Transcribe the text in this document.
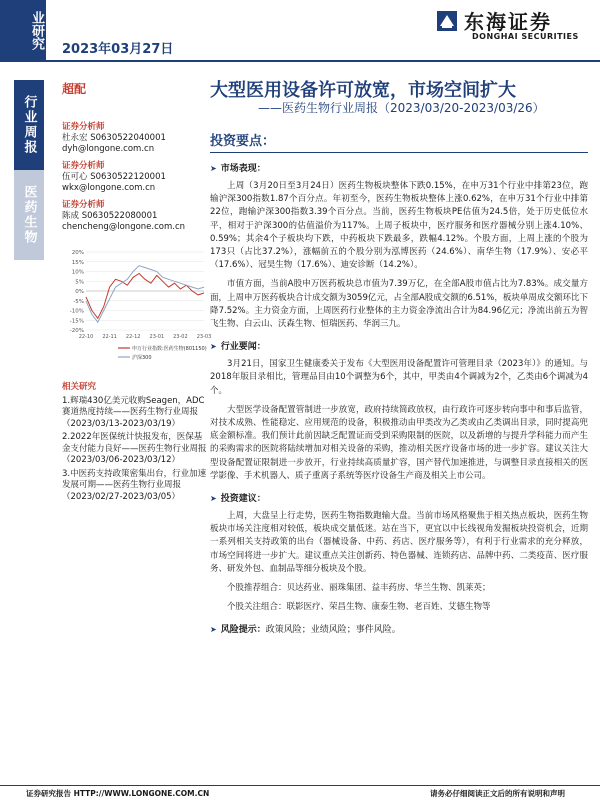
业研究 2023年03月27日
东海证券
DONGHAI SECURITIES
行业周报
医药生物
超配	大型医用设备许可放宽，市场空间扩大
——医药生物行业周报（2023/03/20-2023/03/26）
证券分析师
杜永宏 S0630522040001
dyh@longone.com.cn
证券分析师
伍可心 S0630522120001
wkx@longone.com.cn
证券分析师
陈成 S0630522080001
chencheng@longone.com.cn
20%
15%
10%
5%
0%
-5%
-10%
-15%
-20%
22-10 22-11 22-12 23-01 23-02 23-03
申万行业指数:医药生物(801150)
沪深300
相关研究
1.辉瑞430亿美元收购Seagen，ADC赛道热度持续——医药生物行业周报（2023/03/13-2023/03/19）
2.2022年医保统计快报发布，医保基金支付能力良好——医药生物行业周报（2023/03/06-2023/03/12）
3.中医药支持政策密集出台，行业加速发展可期——医药生物行业周报（2023/02/27-2023/03/05）
投资要点：
➤ 市场表现：
上周（3月20日至3月24日）医药生物板块整体下跌0.15%，在申万31个行业中排第23位，跑输沪深300指数1.87个百分点。年初至今，医药生物板块整体上涨0.62%，在申万31个行业中排第22位，跑输沪深300指数3.39个百分点。当前，医药生物板块PE估值为24.5倍，处于历史低位水平，相对于沪深300的估值溢价为117%。上周子板块中，医疗服务和医疗器械分别上涨4.10%、0.59%；其余4个子板块均下跌，中药板块下跌最多，跌幅4.12%。个股方面，上周上涨的个股为173只（占比37.2%），涨幅前五的个股分别为泓博医药（24.6%）、南华生物（17.9%）、安必平（17.6%）、冠昊生物（17.6%）、迪安诊断（14.2%）。
市值方面，当前A股申万医药板块总市值为7.39万亿，在全部A股市值占比为7.83%。成交量方面，上周申万医药板块合计成交额为3059亿元，占全部A股成交额的6.51%，板块单周成交额环比下降7.52%。主力资金方面，上周医药行业整体的主力资金净流出合计为84.96亿元；净流出前五为智飞生物、白云山、沃森生物、恒瑞医药、华润三九。
➤ 行业要闻：
3月21日，国家卫生健康委关于发布《大型医用设备配置许可管理目录（2023年）》的通知。与2018年版目录相比，管理品目由10个调整为6个，其中，甲类由4个调减为2个，乙类由6个调减为4个。
大型医学设备配置管制进一步放宽，政府持续简政放权，由行政许可逐步转向事中和事后监管，对技术成熟、性能稳定、应用规范的设备，积极推动由甲类改为乙类或由乙类调出目录，同时提高兜底金额标准。我们预计此前因缺乏配置证而受到采购限制的医院，以及新增的与提升学科能力而产生的采购需求的医院将陆续增加对相关设备的采购，推动相关医疗设备市场的进一步扩容。建议关注大型设备配置证限制进一步放开，行业持续高质量扩容，国产替代加速推进，与调整目录直接相关的医学影像、手术机器人、质子重离子系统等医疗设备生产商及相关上市公司。
➤ 投资建议：
上周，大盘呈上行走势，医药生物指数跑输大盘。当前市场风格聚焦于相关热点板块，医药生物板块市场关注度相对较低，板块成交量低迷。站在当下，更宜以中长线视角发掘板块投资机会，近期一系列相关支持政策的出台（器械设备、中药、药店、医疗服务等），有利于行业需求的充分释放，市场空间将进一步扩大。建议重点关注创新药、特色器械、连锁药店、品牌中药、二类疫苗、医疗服务、研发外包、血制品等细分板块及个股。
个股推荐组合：贝达药业、丽珠集团、益丰药房、华兰生物、凯莱英；
个股关注组合：联影医疗、荣昌生物、康泰生物、老百姓、艾德生物等
➤ 风险提示：政策风险；业绩风险；事件风险。
证券研究报告 HTTP://WWW.LONGONE.COM.CN	请务必仔细阅读正文后的所有说明和声明
